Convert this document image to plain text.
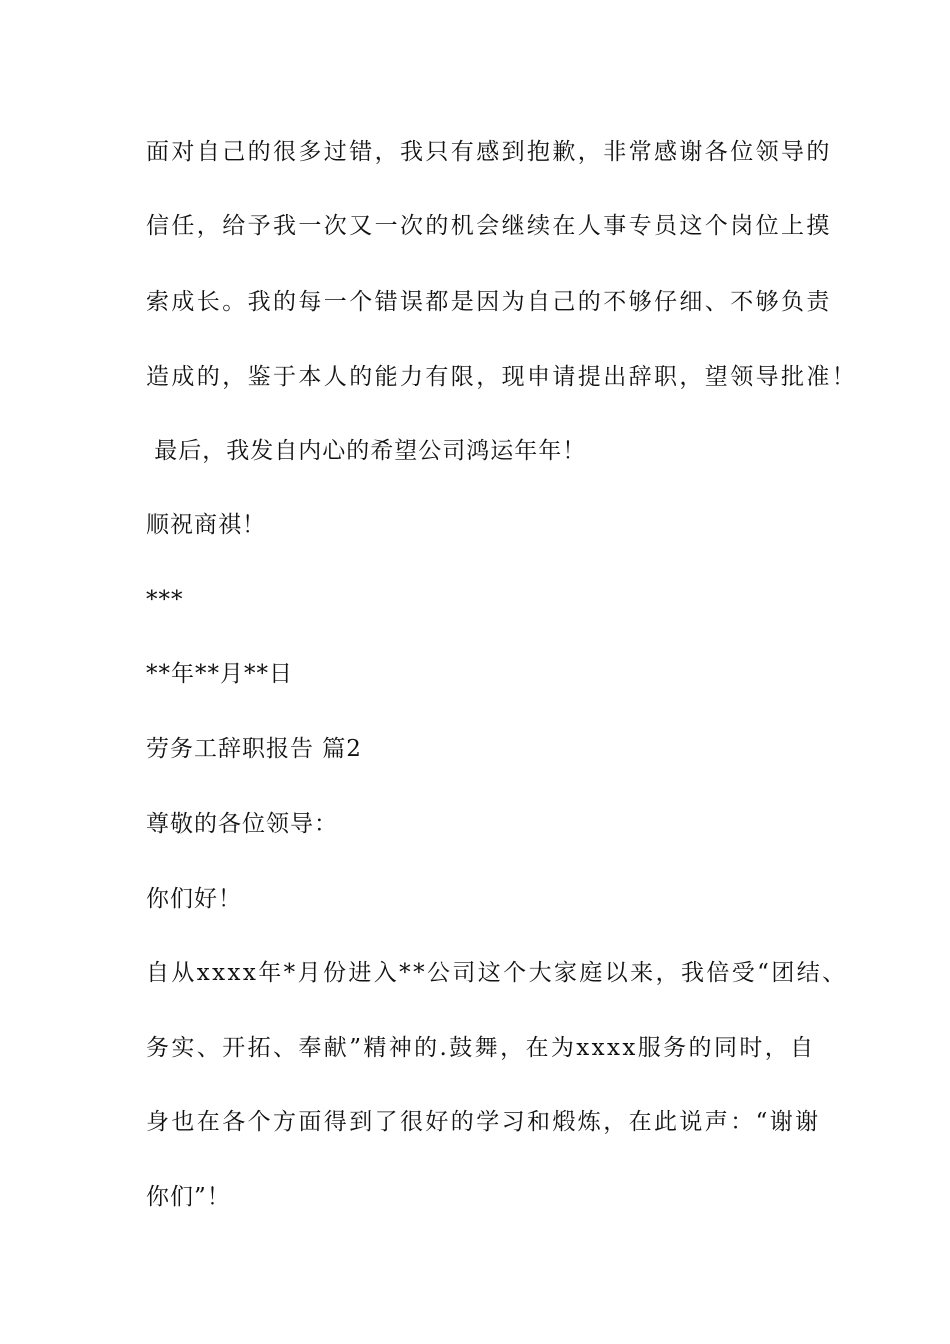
面对自己的很多过错，我只有感到抱歉，非常感谢各位领导的
信任，给予我一次又一次的机会继续在人事专员这个岗位上摸
索成长。我的每一个错误都是因为自己的不够仔细、不够负责
造成的，鉴于本人的能力有限，现申请提出辞职，望领导批准！
最后，我发自内心的希望公司鸿运年年！
顺祝商祺！
***
**年**月**日
劳务工辞职报告 篇2
尊敬的各位领导：
你们好！
自从xxxx年*月份进入**公司这个大家庭以来，我倍受“团结、
务实、开拓、奉献”精神的.鼓舞，在为xxxx服务的同时，自
身也在各个方面得到了很好的学习和煅炼，在此说声：“谢谢
你们”！
